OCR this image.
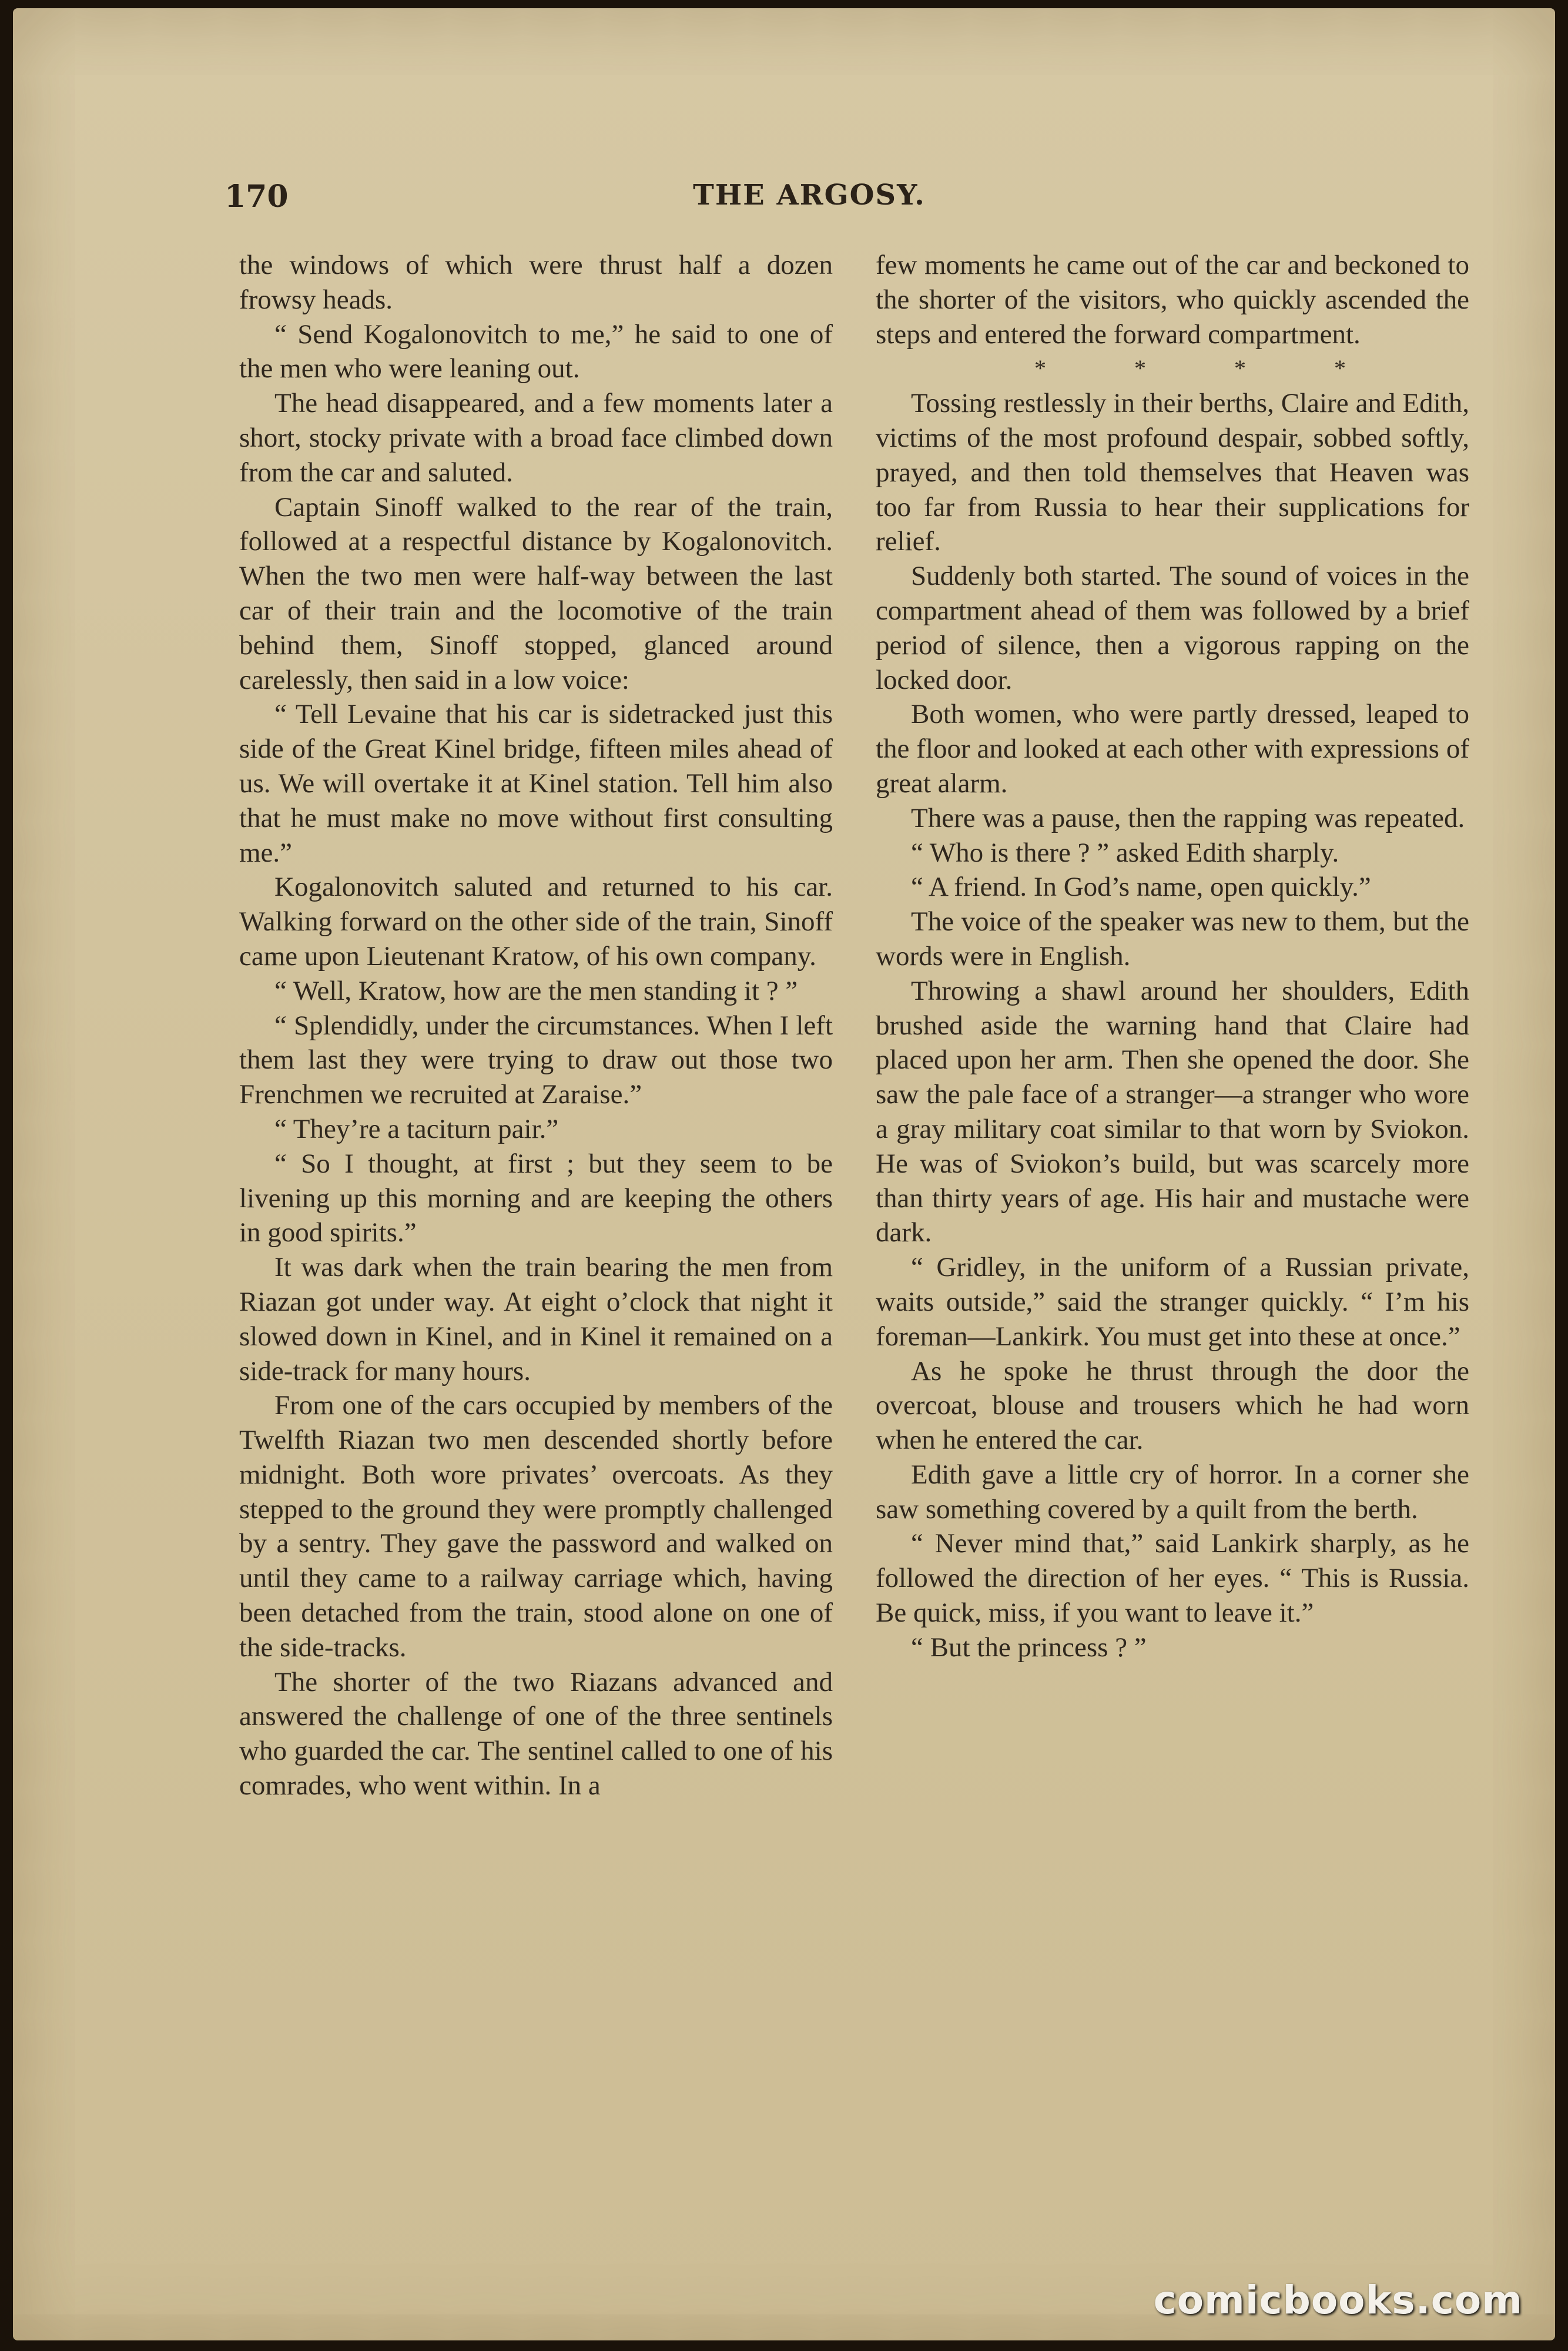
THE ARGOSY.
170

the windows of which were thrust half a dozen frowsy heads.

“ Send Kogalonovitch to me,” he said to one of the men who were leaning out.

The head disappeared, and a few moments later a short, stocky private with a broad face climbed down from the car and saluted.

Captain Sinoff walked to the rear of the train, followed at a respectful distance by Kogalonovitch. When the two men were half-way between the last car of their train and the locomotive of the train behind them, Sinoff stopped, glanced around carelessly, then said in a low voice:

“ Tell Levaine that his car is sidetracked just this side of the Great Kinel bridge, fifteen miles ahead of us. We will overtake it at Kinel station. Tell him also that he must make no move without first consulting me.”

Kogalonovitch saluted and returned to his car. Walking forward on the other side of the train, Sinoff came upon Lieutenant Kratow, of his own company.

“ Well, Kratow, how are the men standing it ? ”

“ Splendidly, under the circumstances. When I left them last they were trying to draw out those two Frenchmen we recruited at Zaraise.”

“ They’re a taciturn pair.”

“ So I thought, at first ; but they seem to be livening up this morning and are keeping the others in good spirits.”

It was dark when the train bearing the men from Riazan got under way. At eight o’clock that night it slowed down in Kinel, and in Kinel it remained on a side-track for many hours.

From one of the cars occupied by members of the Twelfth Riazan two men descended shortly before midnight. Both wore privates’ overcoats. As they stepped to the ground they were promptly challenged by a sentry. They gave the password and walked on until they came to a railway carriage which, having been detached from the train, stood alone on one of the side-tracks.

The shorter of the two Riazans advanced and answered the challenge of one of the three sentinels who guarded the car. The sentinel called to one of his comrades, who went within. In a

few moments he came out of the car and beckoned to the shorter of the visitors, who quickly ascended the steps and entered the forward compartment.

* * * *

Tossing restlessly in their berths, Claire and Edith, victims of the most profound despair, sobbed softly, prayed, and then told themselves that Heaven was too far from Russia to hear their supplications for relief.

Suddenly both started. The sound of voices in the compartment ahead of them was followed by a brief period of silence, then a vigorous rapping on the locked door.

Both women, who were partly dressed, leaped to the floor and looked at each other with expressions of great alarm.

There was a pause, then the rapping was repeated.

“ Who is there ? ” asked Edith sharply.

“ A friend. In God’s name, open quickly.”

The voice of the speaker was new to them, but the words were in English.

Throwing a shawl around her shoulders, Edith brushed aside the warning hand that Claire had placed upon her arm. Then she opened the door. She saw the pale face of a stranger—a stranger who wore a gray military coat similar to that worn by Sviokon. He was of Sviokon’s build, but was scarcely more than thirty years of age. His hair and mustache were dark.

“ Gridley, in the uniform of a Russian private, waits outside,” said the stranger quickly. “ I’m his foreman—Lankirk. You must get into these at once.”

As he spoke he thrust through the door the overcoat, blouse and trousers which he had worn when he entered the car.

Edith gave a little cry of horror. In a corner she saw something covered by a quilt from the berth.

“ Never mind that,” said Lankirk sharply, as he followed the direction of her eyes. “ This is Russia. Be quick, miss, if you want to leave it.”

“ But the princess ? ”

comicbooks.com
